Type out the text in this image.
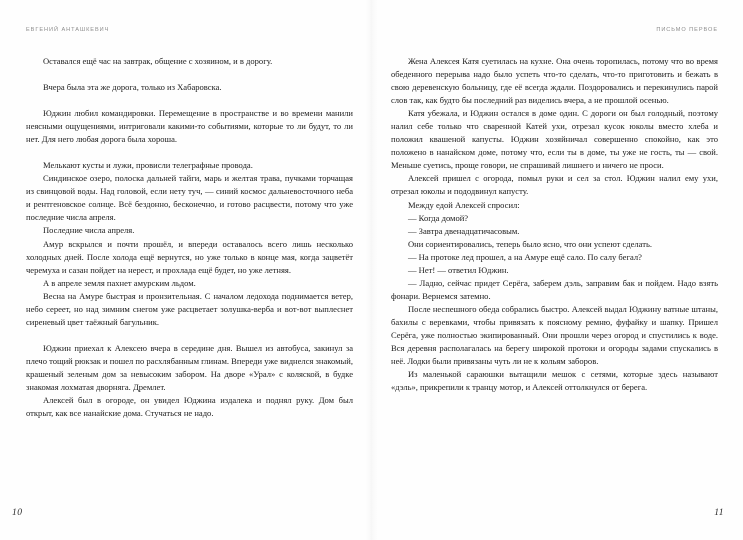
ЕВГЕНИЙ АНТАШКЕВИЧ

Оставался ещё час на завтрак, общение с хозяином, и в дорогу.

Вчера была эта же дорога, только из Хабаровска.

Юджин любил командировки. Перемещение в пространстве и во времени манили неясными ощущениями, интриговали какими-то событиями, которые то ли будут, то ли нет. Для него любая дорога была хороша.

Мелькают кусты и лужи, провисли телеграфные провода.

Синдинское озеро, полоска дальней тайги, марь и желтая трава, пучками торчащая из свинцовой воды. Над головой, если нету туч, — синий космос дальневосточного неба и рентгеновское солнце. Всё бездонно, бесконечно, и готово расцвести, потому что уже последние числа апреля.

Последние числа апреля.

Амур вскрылся и почти прошёл, и впереди оставалось всего лишь несколько холодных дней. После холода ещё вернутся, но уже только в конце мая, когда зацветёт черемуха и сазан пойдет на нерест, и прохлада ещё будет, но уже летняя.

А в апреле земля пахнет амурским льдом.

Весна на Амуре быстрая и пронзительная. С началом ледохода поднимается ветер, небо сереет, но над зимним снегом уже расцветает золушка-верба и вот-вот выплеснет сиреневый цвет таёжный багульник.

Юджин приехал к Алексею вчера в середине дня. Вышел из автобуса, закинул за плечо тощий рюкзак и пошел по расхлябанным глинам. Впереди уже виднелся знакомый, крашеный зеленым дом за невысоким забором. На дворе «Урал» с коляской, в будке знакомая лохматая дворняга. Дремлет.

Алексей был в огороде, он увидел Юджина издалека и поднял руку. Дом был открыт, как все нанайские дома. Стучаться не надо.

10
ПИСЬМО ПЕРВОЕ

Жена Алексея Катя суетилась на кухне. Она очень торопилась, потому что во время обеденного перерыва надо было успеть что-то сделать, что-то приготовить и бежать в свою деревенскую больницу, где её всегда ждали. Поздоровались и перекинулись парой слов так, как будто бы последний раз виделись вчера, а не прошлой осенью.

Катя убежала, и Юджин остался в доме один. С дороги он был голодный, поэтому налил себе только что сваренной Катей ухи, отрезал кусок юколы вместо хлеба и положил квашеной капусты. Юджин хозяйничал совершенно спокойно, как это положено в нанайском доме, потому что, если ты в доме, ты уже не гость, ты — свой. Меньше суетись, проще говори, не спрашивай лишнего и ничего не проси.

Алексей пришел с огорода, помыл руки и сел за стол. Юджин налил ему ухи, отрезал юколы и пододвинул капусту.

Между едой Алексей спросил:

— Когда домой?

— Завтра двенадцатичасовым.

Они сориентировались, теперь было ясно, что они успеют сделать.

— На протоке лед прошел, а на Амуре ещё сало. По салу бегал?

— Нет! — ответил Юджин.

— Ладно, сейчас придет Серёга, заберем дэль, заправим бак и пойдем. Надо взять фонари. Вернемся затемно.

После неспешного обеда собрались быстро. Алексей выдал Юджину ватные штаны, бахилы с веревками, чтобы привязать к поясному ремню, фуфайку и шапку. Пришел Серёга, уже полностью экипированный. Они прошли через огород и спустились к воде. Вся деревня располагалась на берегу широкой протоки и огороды задами спускались в неё. Лодки были привязаны чуть ли не к кольям заборов.

Из маленькой сараюшки вытащили мешок с сетями, которые здесь называют «дэль», прикрепили к транцу мотор, и Алексей оттолкнулся от берега.

11
